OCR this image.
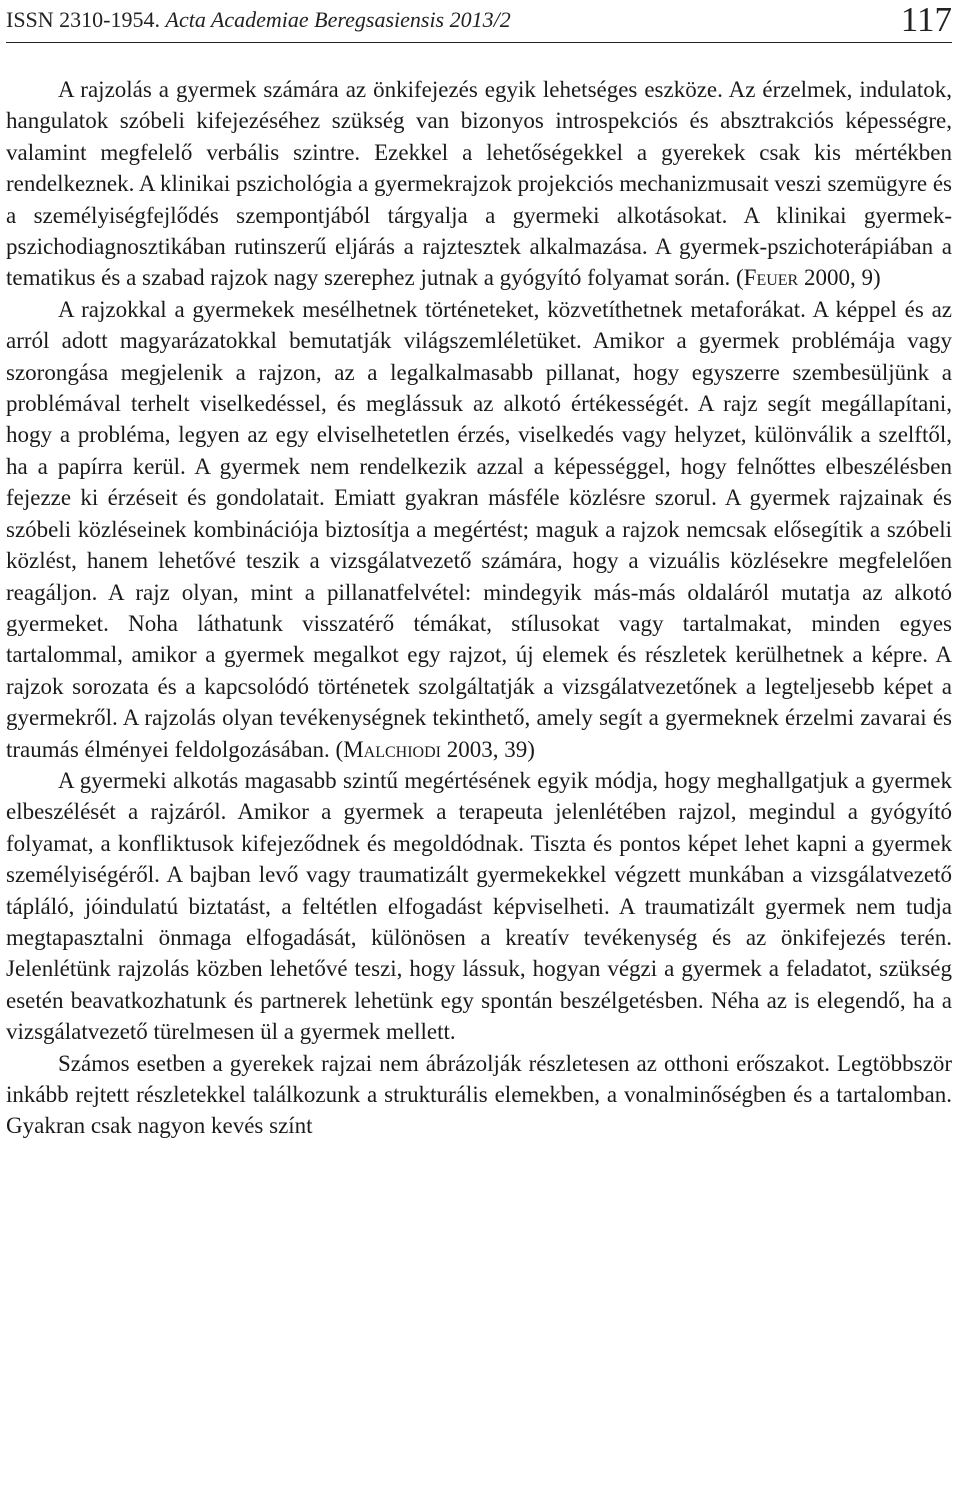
ISSN 2310-1954. Acta Academiae Beregsasiensis 2013/2	117

A rajzolás a gyermek számára az önkifejezés egyik lehetséges eszköze. Az érzelmek, indulatok, hangulatok szóbeli kifejezéséhez szükség van bizonyos introspekciós és absztrakciós képességre, valamint megfelelő verbális szintre. Ezekkel a lehetőségekkel a gyerekek csak kis mértékben rendelkeznek. A klinikai pszichológia a gyermekrajzok projekciós mechanizmusait veszi szemügyre és a személyiségfejlődés szempontjából tárgyalja a gyermeki alkotásokat. A klinikai gyermek-pszichodiagnosztikában rutinszerű eljárás a rajztesztek alkalmazása. A gyermek-pszichoterápiában a tematikus és a szabad rajzok nagy szerephez jutnak a gyógyító folyamat során. (Feuer 2000, 9)

A rajzokkal a gyermekek mesélhetnek történeteket, közvetíthetnek metaforákat. A képpel és az arról adott magyarázatokkal bemutatják világszemléletüket. Amikor a gyermek problémája vagy szorongása megjelenik a rajzon, az a legalkalmasabb pillanat, hogy egyszerre szembesüljünk a problémával terhelt viselkedéssel, és meglássuk az alkotó értékességét. A rajz segít megállapítani, hogy a probléma, legyen az egy elviselhetetlen érzés, viselkedés vagy helyzet, különválik a szelftől, ha a papírra kerül. A gyermek nem rendelkezik azzal a képességgel, hogy felnőttes elbeszélésben fejezze ki érzéseit és gondolatait. Emiatt gyakran másféle közlésre szorul. A gyermek rajzainak és szóbeli közléseinek kombinációja biztosítja a megértést; maguk a rajzok nemcsak elősegítik a szóbeli közlést, hanem lehetővé teszik a vizsgálatvezető számára, hogy a vizuális közlésekre megfelelően reagáljon. A rajz olyan, mint a pillanatfelvétel: mindegyik más-más oldaláról mutatja az alkotó gyermeket. Noha láthatunk visszatérő témákat, stílusokat vagy tartalmakat, minden egyes tartalommal, amikor a gyermek megalkot egy rajzot, új elemek és részletek kerülhetnek a képre. A rajzok sorozata és a kapcsolódó történetek szolgáltatják a vizsgálatvezetőnek a legteljesebb képet a gyermekről. A rajzolás olyan tevékenységnek tekinthető, amely segít a gyermeknek érzelmi zavarai és traumás élményei feldolgozásában. (Malchiodi 2003, 39)

A gyermeki alkotás magasabb szintű megértésének egyik módja, hogy meghallgatjuk a gyermek elbeszélését a rajzáról. Amikor a gyermek a terapeuta jelenlétében rajzol, megindul a gyógyító folyamat, a konfliktusok kifejeződnek és megoldódnak. Tiszta és pontos képet lehet kapni a gyermek személyiségéről. A bajban levő vagy traumatizált gyermekekkel végzett munkában a vizsgálatvezető tápláló, jóindulatú biztatást, a feltétlen elfogadást képviselheti. A traumatizált gyermek nem tudja megtapasztalni önmaga elfogadását, különösen a kreatív tevékenység és az önkifejezés terén. Jelenlétünk rajzolás közben lehetővé teszi, hogy lássuk, hogyan végzi a gyermek a feladatot, szükség esetén beavatkozhatunk és partnerek lehetünk egy spontán beszélgetésben. Néha az is elegendő, ha a vizsgálatvezető türelmesen ül a gyermek mellett.

Számos esetben a gyerekek rajzai nem ábrázolják részletesen az otthoni erőszakot. Legtöbbször inkább rejtett részletekkel találkozunk a strukturális elemekben, a vonalminőségben és a tartalomban. Gyakran csak nagyon kevés színt
